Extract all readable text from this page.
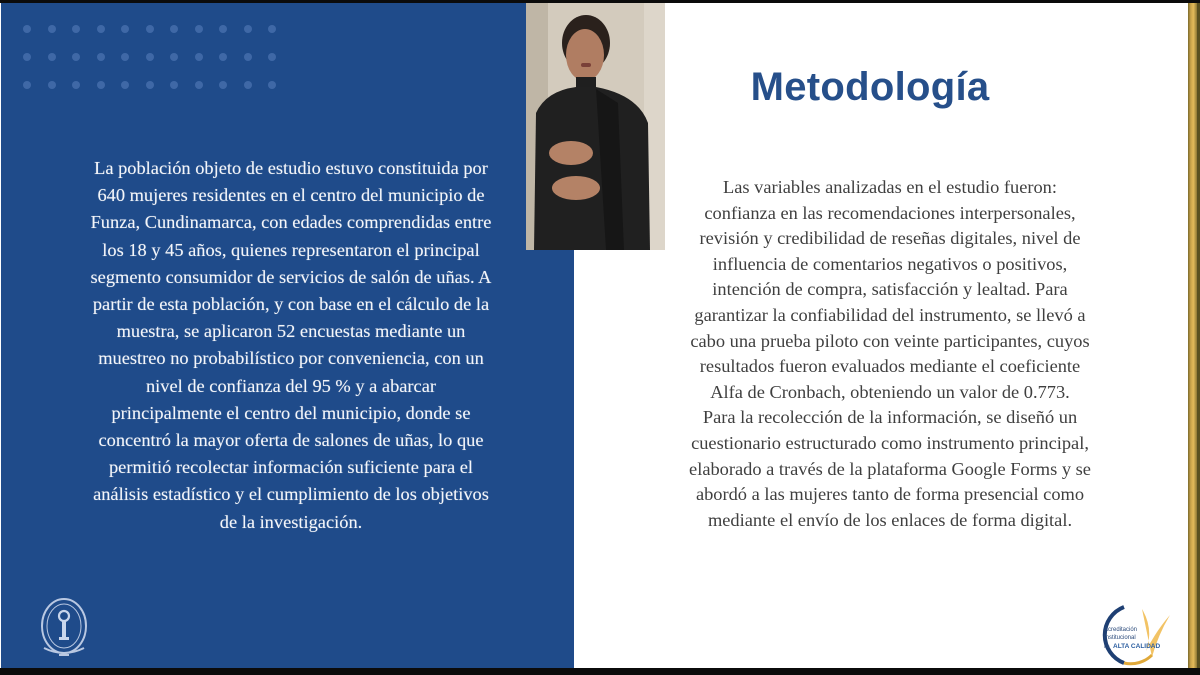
La población objeto de estudio estuvo constituida por
640 mujeres residentes en el centro del municipio de
Funza, Cundinamarca, con edades comprendidas entre
los 18 y 45 años, quienes representaron el principal
segmento consumidor de servicios de salón de uñas. A
partir de esta población, y con base en el cálculo de la
muestra, se aplicaron 52 encuestas mediante un
muestreo no probabilístico por conveniencia, con un
nivel de confianza del 95 % y a abarcar
principalmente el centro del municipio, donde se
concentró la mayor oferta de salones de uñas, lo que
permitió recolectar información suficiente para el
análisis estadístico y el cumplimiento de los objetivos
de la investigación.
Metodología
Las variables analizadas en el estudio fueron:
confianza en las recomendaciones interpersonales,
revisión y credibilidad de reseñas digitales, nivel de
influencia de comentarios negativos o positivos,
intención de compra, satisfacción y lealtad. Para
garantizar la confiabilidad del instrumento, se llevó a
cabo una prueba piloto con veinte participantes, cuyos
resultados fueron evaluados mediante el coeficiente
Alfa de Cronbach, obteniendo un valor de 0.773.
Para la recolección de la información, se diseñó un
cuestionario estructurado como instrumento principal,
elaborado a través de la plataforma Google Forms y se
abordó a las mujeres tanto de forma presencial como
mediante el envío de los enlaces de forma digital.
Acreditación
Institucional
EN ALTA CALIDAD
